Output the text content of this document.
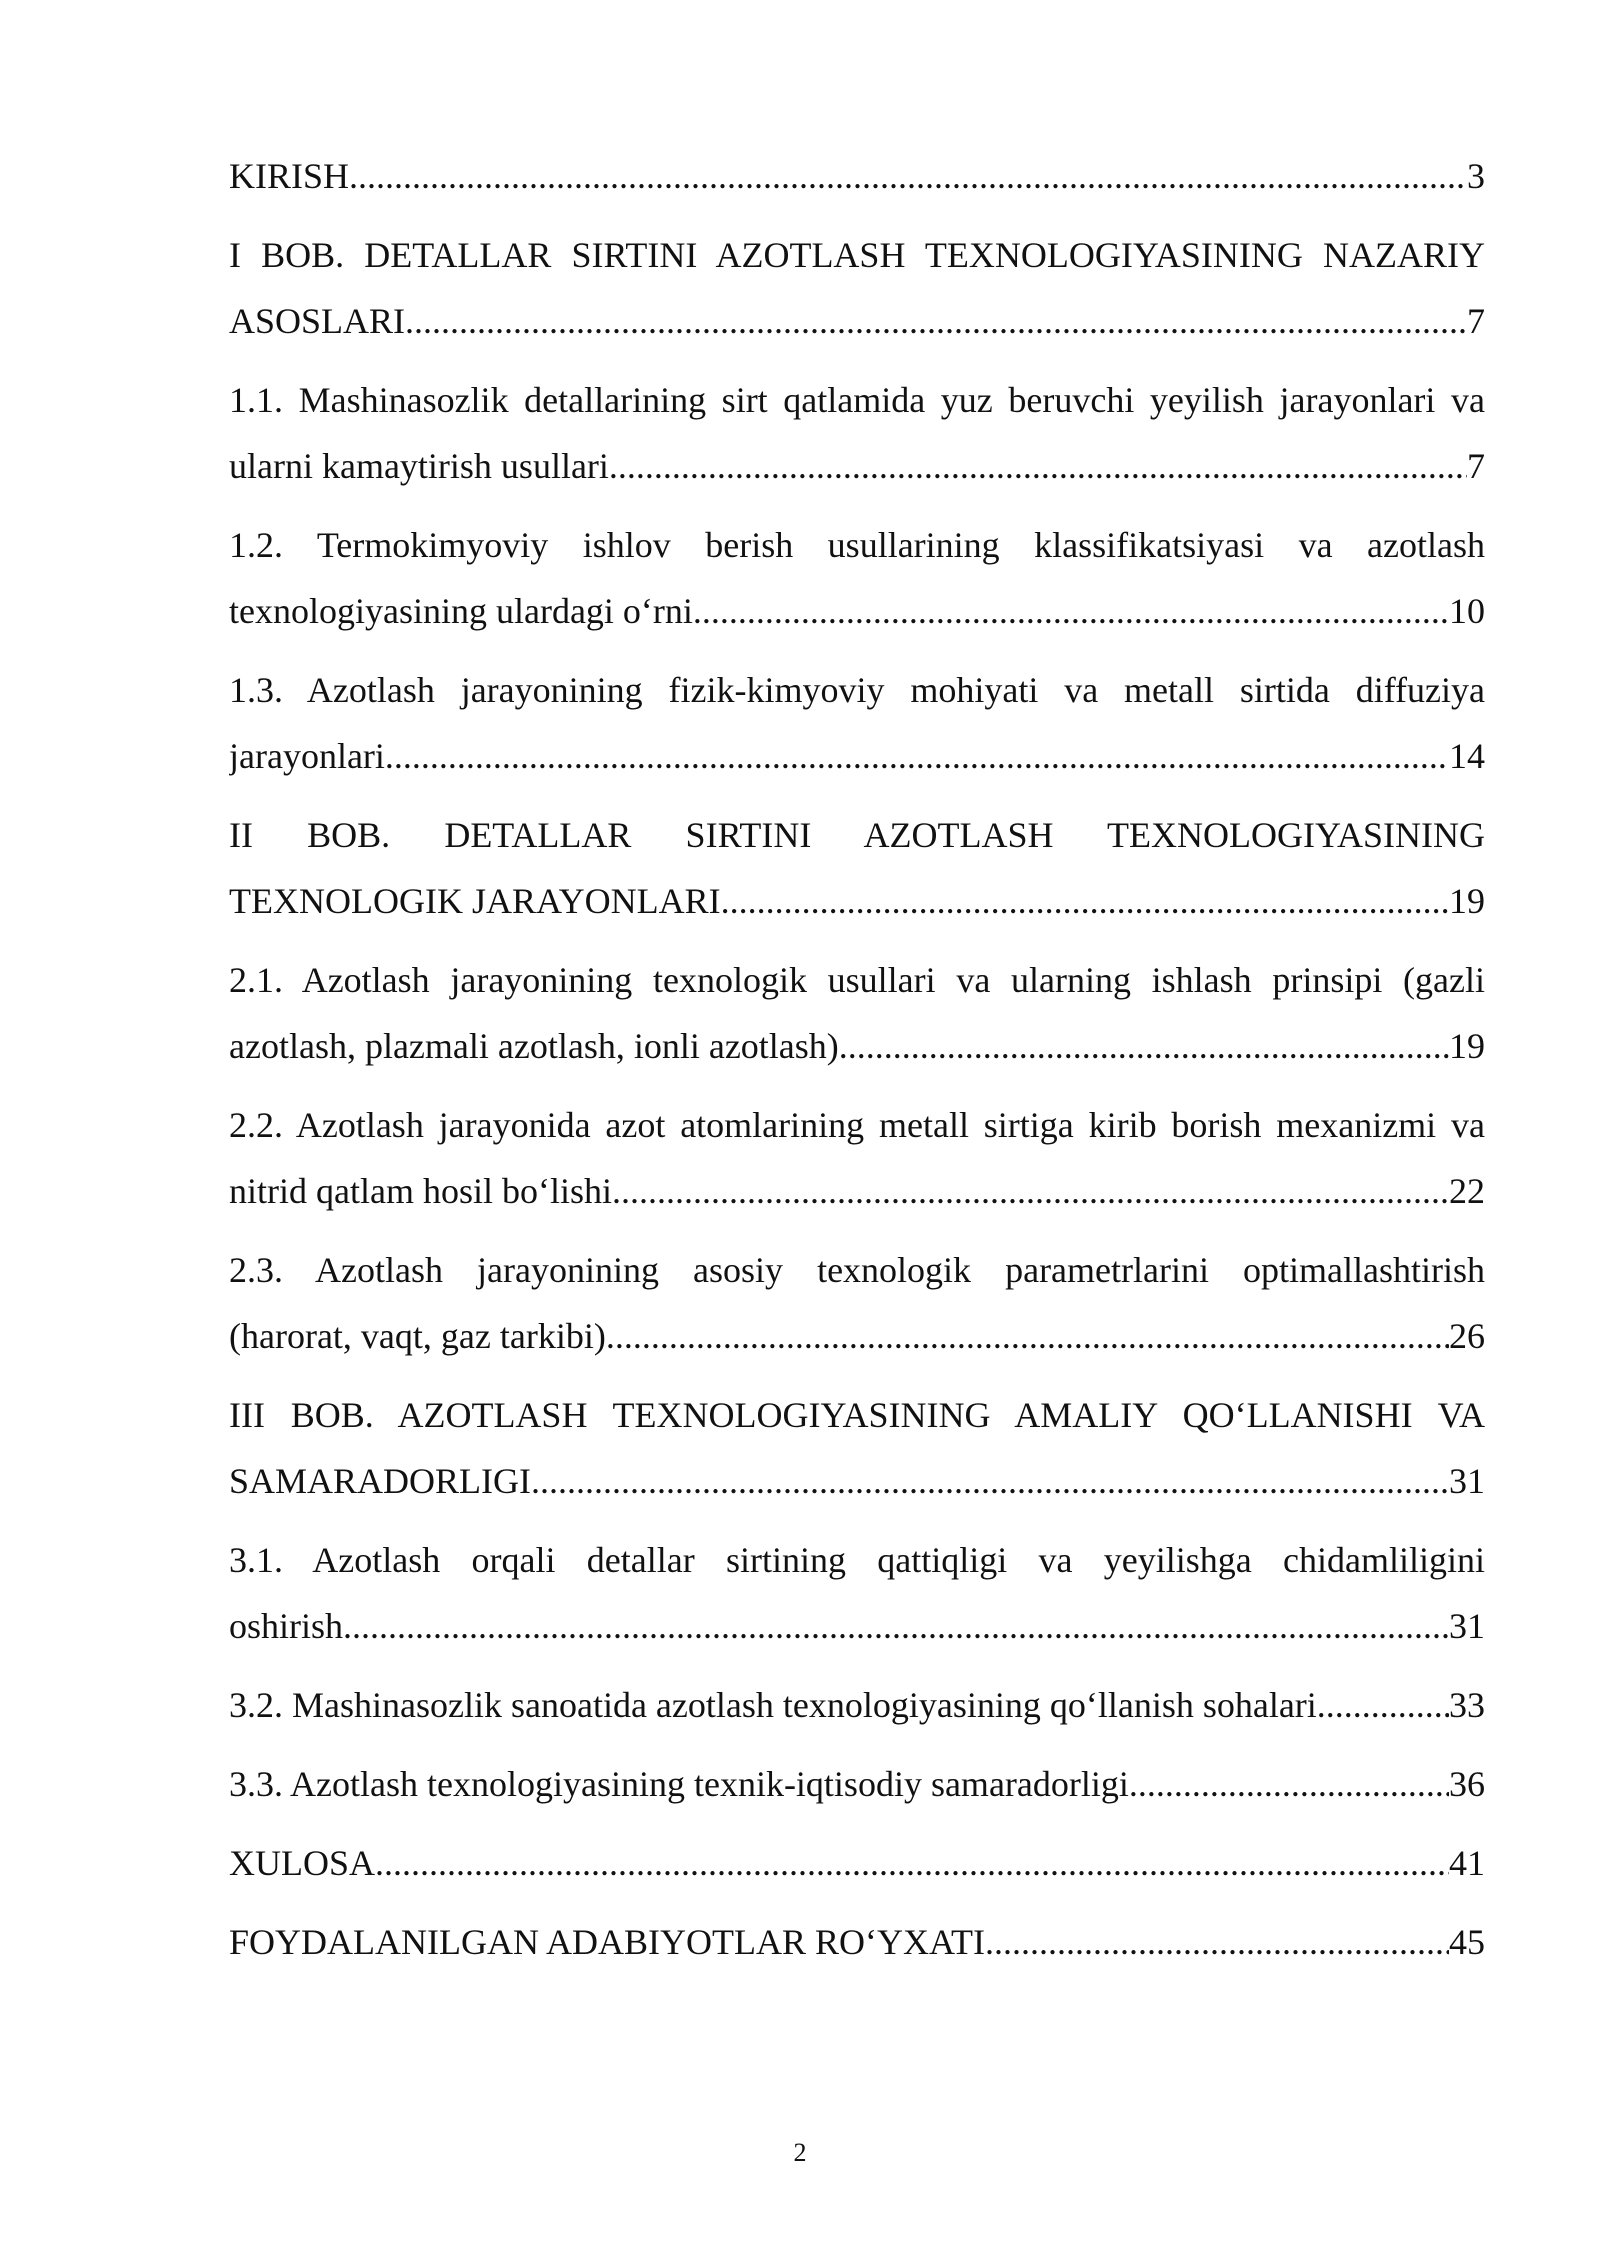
KIRISH .....	3
I BOB. DETALLAR SIRTINI AZOTLASH TEXNOLOGIYASINING NAZARIY
ASOSLARI .....	7
1.1. Mashinasozlik detallarining sirt qatlamida yuz beruvchi yeyilish jarayonlari va
ularni kamaytirish usullari .....	7
1.2. Termokimyoviy ishlov berish usullarining klassifikatsiyasi va azotlash
texnologiyasining ulardagi o‘rni .....	10
1.3. Azotlash jarayonining fizik-kimyoviy mohiyati va metall sirtida diffuziya
jarayonlari .....	14
II BOB. DETALLAR SIRTINI AZOTLASH TEXNOLOGIYASINING
TEXNOLOGIK JARAYONLARI .....	19
2.1. Azotlash jarayonining texnologik usullari va ularning ishlash prinsipi (gazli
azotlash, plazmali azotlash, ionli azotlash) .....	19
2.2. Azotlash jarayonida azot atomlarining metall sirtiga kirib borish mexanizmi va
nitrid qatlam hosil bo‘lishi .....	22
2.3. Azotlash jarayonining asosiy texnologik parametrlarini optimallashtirish
(harorat, vaqt, gaz tarkibi) .....	26
III BOB. AZOTLASH TEXNOLOGIYASINING AMALIY QO‘LLANISHI VA
SAMARADORLIGI .....	31
3.1. Azotlash orqali detallar sirtining qattiqligi va yeyilishga chidamliligini
oshirish .....	31
3.2. Mashinasozlik sanoatida azotlash texnologiyasining qo‘llanish sohalari .....	33
3.3. Azotlash texnologiyasining texnik-iqtisodiy samaradorligi .....	36
XULOSA .....	41
FOYDALANILGAN ADABIYOTLAR RO‘YXATI .....	45
2
